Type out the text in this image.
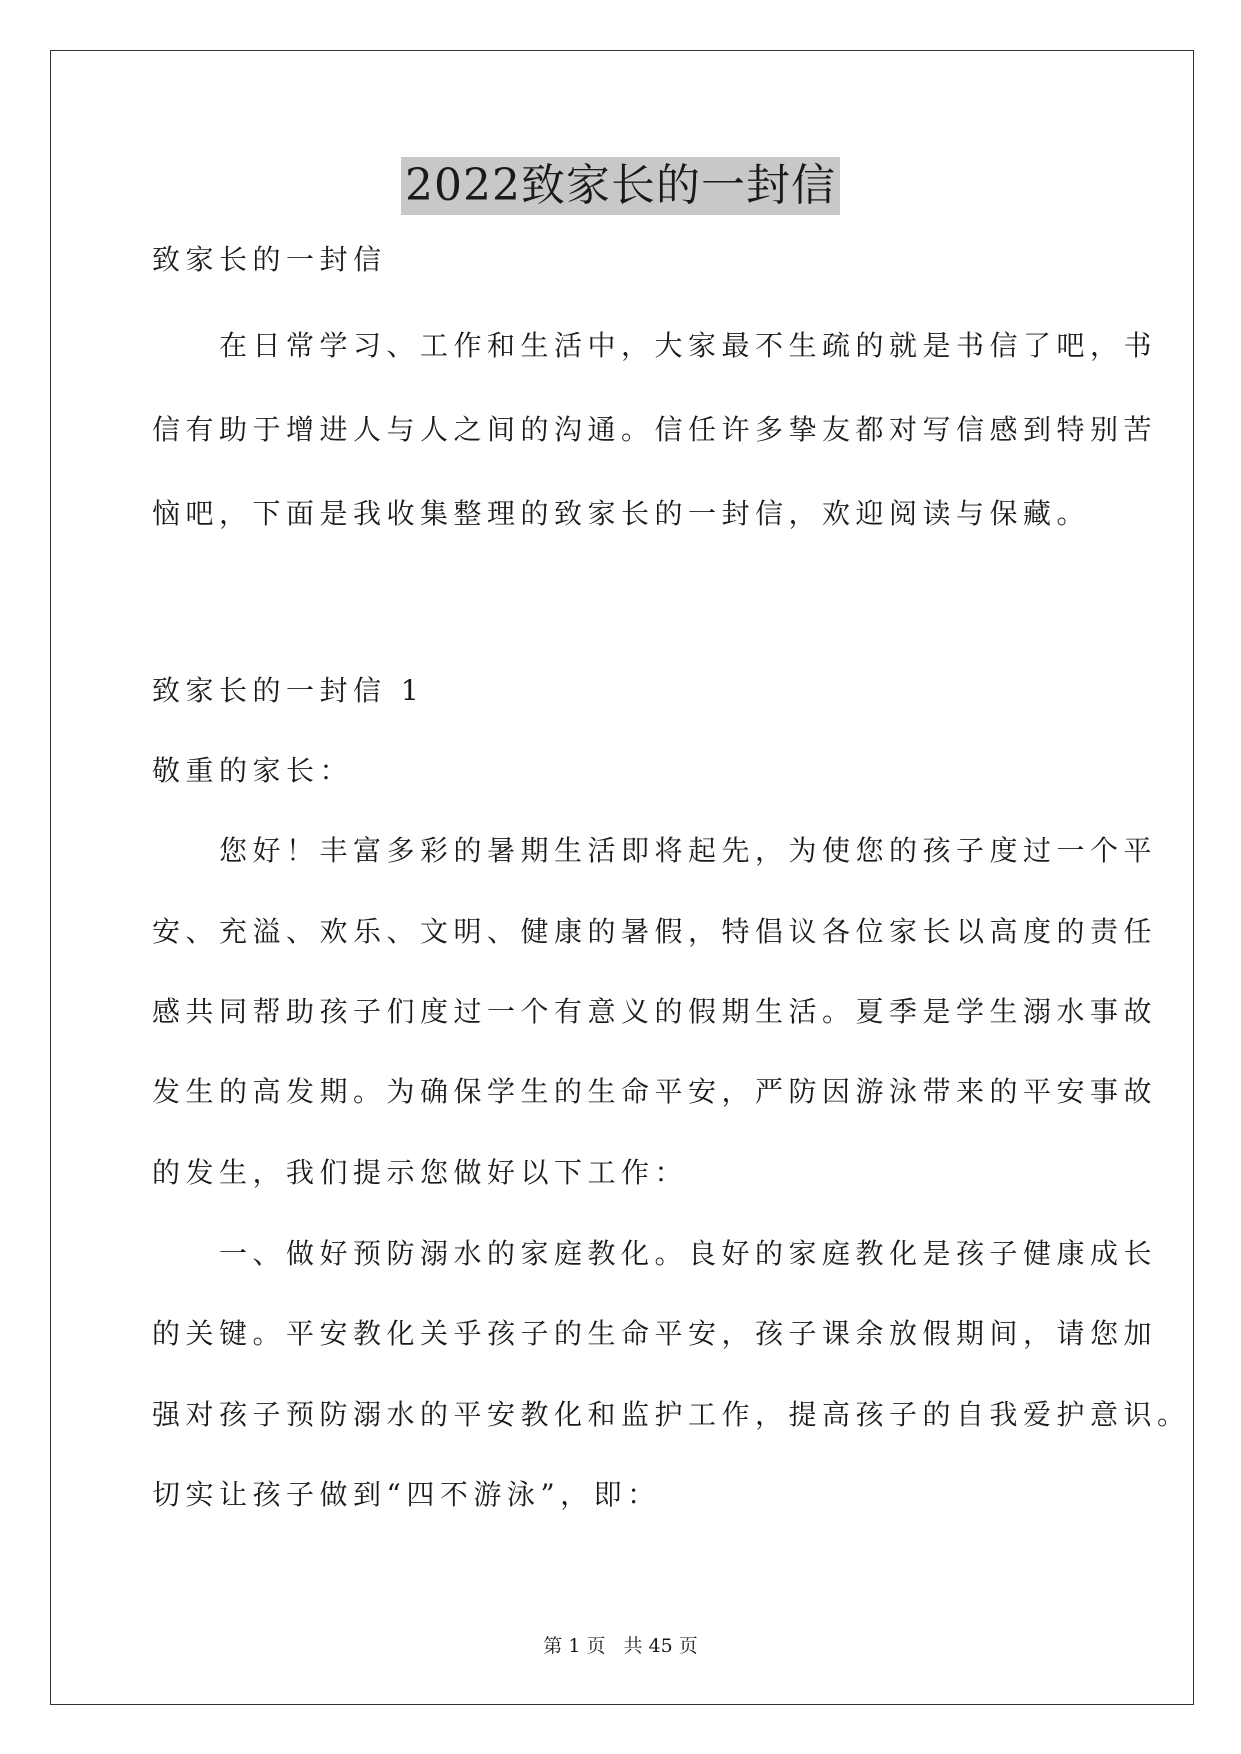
2022致家长的一封信

致家长的一封信

　　在日常学习、工作和生活中，大家最不生疏的就是书信了吧，书

信有助于增进人与人之间的沟通。信任许多挚友都对写信感到特别苦

恼吧，下面是我收集整理的致家长的一封信，欢迎阅读与保藏。

致家长的一封信 1

敬重的家长：

　　您好！丰富多彩的暑期生活即将起先，为使您的孩子度过一个平

安、充溢、欢乐、文明、健康的暑假，特倡议各位家长以高度的责任

感共同帮助孩子们度过一个有意义的假期生活。夏季是学生溺水事故

发生的高发期。为确保学生的生命平安，严防因游泳带来的平安事故

的发生，我们提示您做好以下工作：

　　一、做好预防溺水的家庭教化。良好的家庭教化是孩子健康成长

的关键。平安教化关乎孩子的生命平安，孩子课余放假期间，请您加

强对孩子预防溺水的平安教化和监护工作，提高孩子的自我爱护意识。

切实让孩子做到“四不游泳”，即：

第 1 页 共 45 页
